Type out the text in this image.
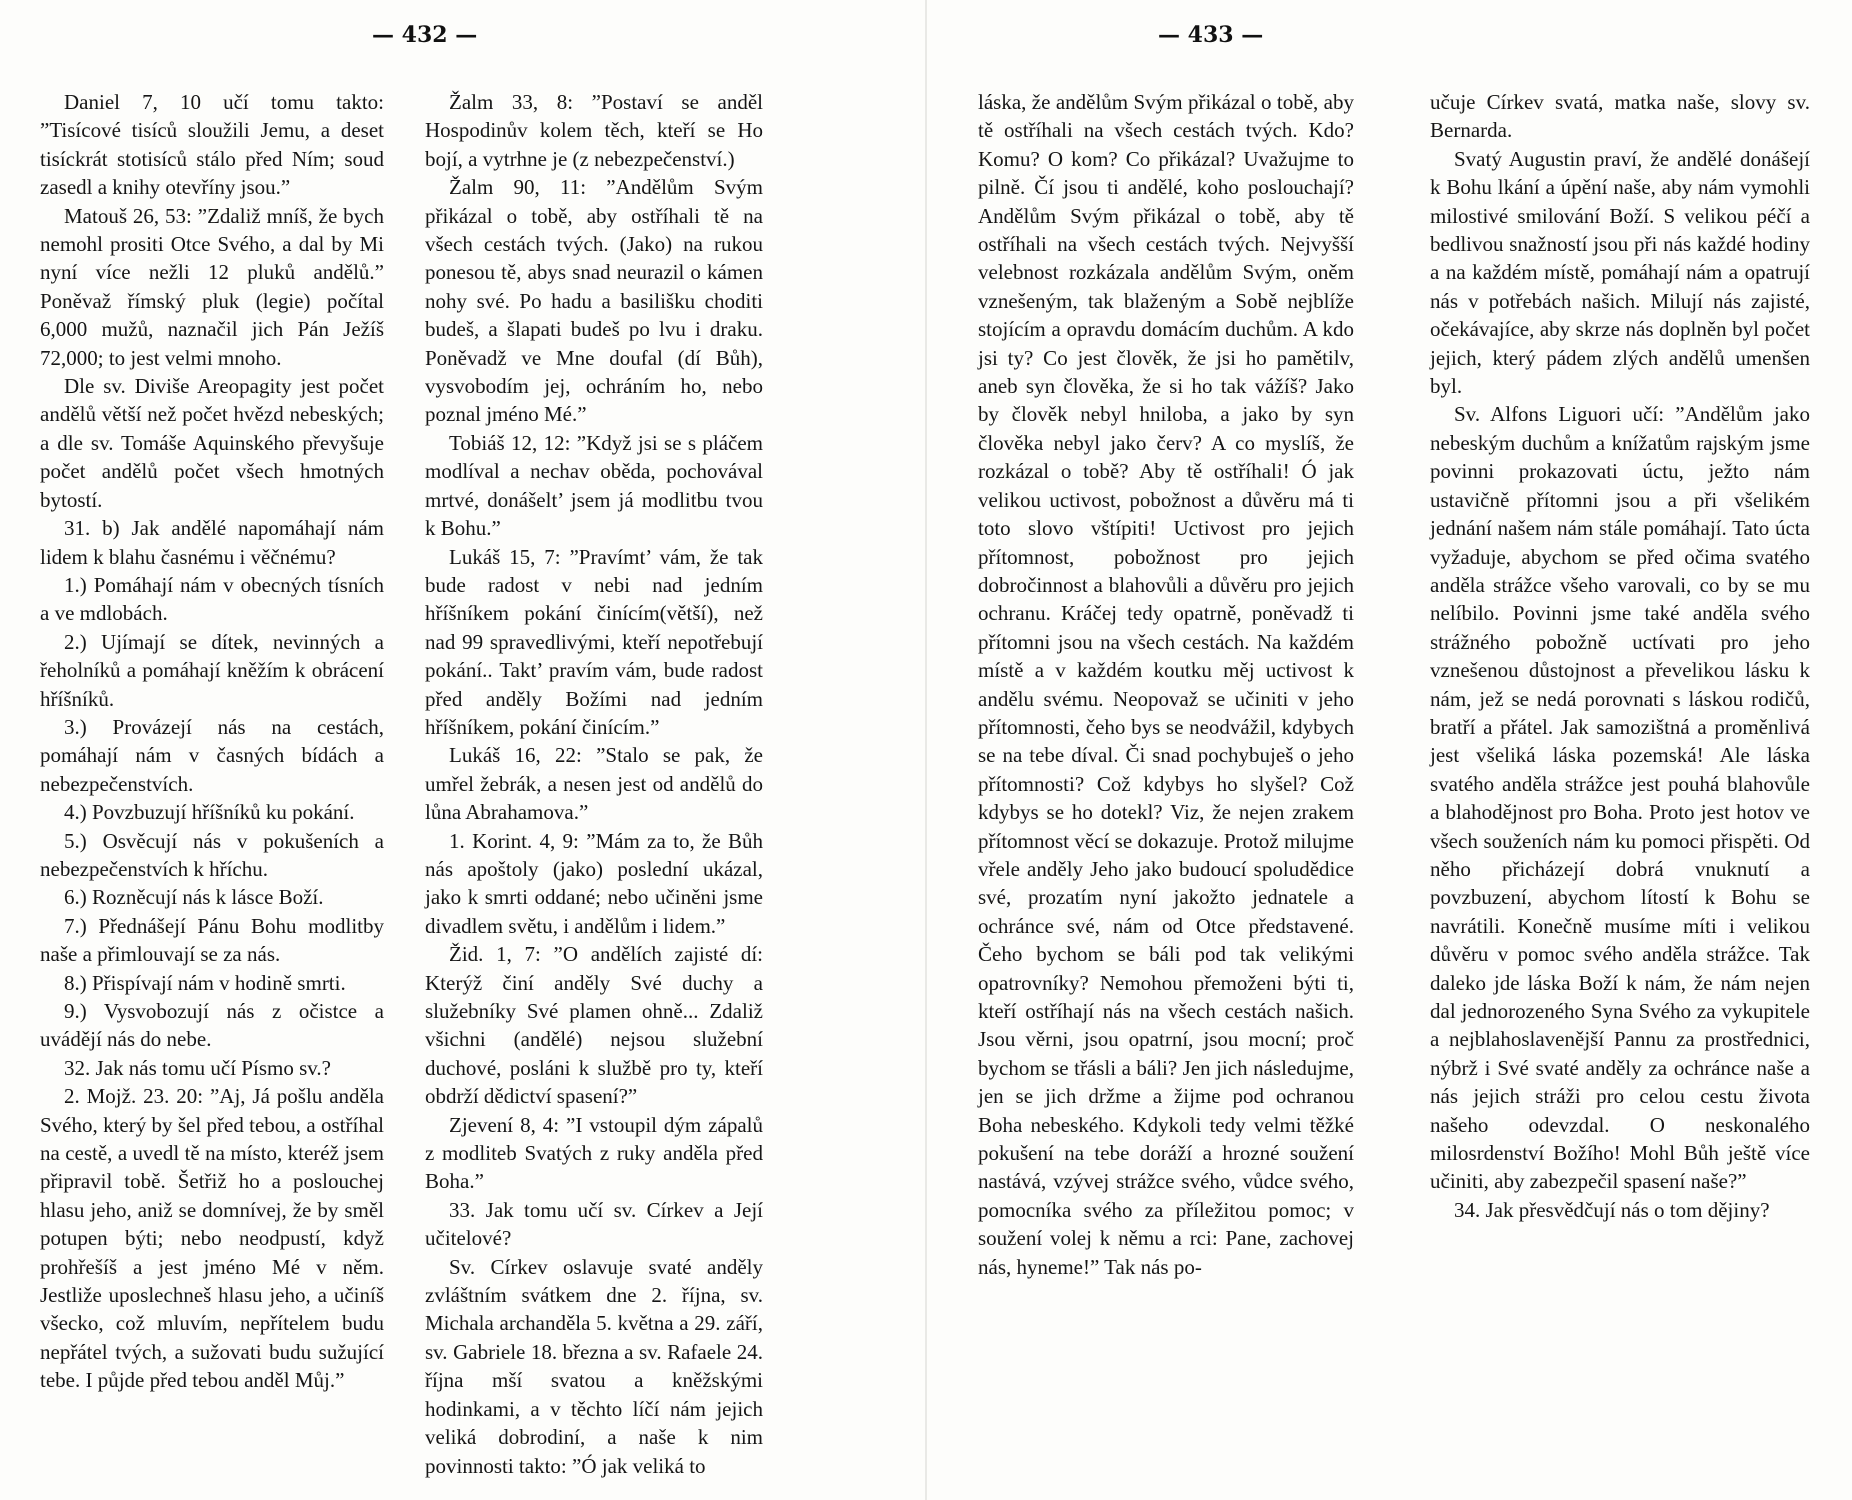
— 432 —	— 433 —

Daniel 7, 10 učí tomu takto: ”Tisícové tisíců sloužili Jemu, a deset tisíckrát stotisíců stálo před Ním; soud zasedl a knihy otevříny jsou.”

Matouš 26, 53: ”Zdaliž mníš, že bych nemohl prositi Otce Svého, a dal by Mi nyní více nežli 12 pluků andělů.” Poněvaž římský pluk (legie) počítal 6,000 mužů, naznačil jich Pán Ježíš 72,000; to jest velmi mnoho.

Dle sv. Diviše Areopagity jest počet andělů větší než počet hvězd nebeských; a dle sv. Tomáše Aquinského převyšuje počet andělů počet všech hmotných bytostí.

31. b) Jak andělé napomáhají nám lidem k blahu časnému i věčnému?

1.) Pomáhají nám v obecných tísních a ve mdlobách.

2.) Ujímají se dítek, nevinných a řeholníků a pomáhají kněžím k obrácení hříšníků.

3.) Provázejí nás na cestách, pomáhají nám v časných bídách a nebezpečenstvích.

4.) Povzbuzují hříšníků ku pokání.

5.) Osvěcují nás v pokušeních a nebezpečenstvích k hříchu.

6.) Rozněcují nás k lásce Boží.

7.) Přednášejí Pánu Bohu modlitby naše a přimlouvají se za nás.

8.) Přispívají nám v hodině smrti.

9.) Vysvobozují nás z očistce a uvádějí nás do nebe.

32. Jak nás tomu učí Písmo sv.?

2. Mojž. 23. 20: ”Aj, Já pošlu anděla Svého, který by šel před tebou, a ostříhal na cestě, a uvedl tě na místo, kteréž jsem připravil tobě. Šetřiž ho a poslouchej hlasu jeho, aniž se domnívej, že by směl potupen býti; nebo neodpustí, když prohřešíš a jest jméno Mé v něm. Jestliže uposlechneš hlasu jeho, a učiníš všecko, což mluvím, nepřítelem budu nepřátel tvých, a sužovati budu sužující tebe. I půjde před tebou anděl Můj.”

Žalm 33, 8: ”Postaví se anděl Hospodinův kolem těch, kteří se Ho bojí, a vytrhne je (z nebezpečenství.)

Žalm 90, 11: ”Andělům Svým přikázal o tobě, aby ostříhali tě na všech cestách tvých. (Jako) na rukou ponesou tě, abys snad neurazil o kámen nohy své. Po hadu a basilišku choditi budeš, a šlapati budeš po lvu i draku. Poněvadž ve Mne doufal (dí Bůh), vysvobodím jej, ochráním ho, nebo poznal jméno Mé.”

Tobiáš 12, 12: ”Když jsi se s pláčem modlíval a nechav oběda, pochovával mrtvé, donášelt’ jsem já modlitbu tvou k Bohu.”

Lukáš 15, 7: ”Pravímt’ vám, že tak bude radost v nebi nad jedním hříšníkem pokání činícím(větší), než nad 99 spravedlivými, kteří nepotřebují pokání.. Takt’ pravím vám, bude radost před anděly Božími nad jedním hříšníkem, pokání činícím.”

Lukáš 16, 22: ”Stalo se pak, že umřel žebrák, a nesen jest od andělů do lůna Abrahamova.”

1. Korint. 4, 9: ”Mám za to, že Bůh nás apoštoly (jako) poslední ukázal, jako k smrti oddané; nebo učiněni jsme divadlem světu, i andělům i lidem.”

Žid. 1, 7: ”O andělích zajisté dí: Kterýž činí anděly Své duchy a služebníky Své plamen ohně... Zdaliž všichni (andělé) nejsou služební duchové, posláni k službě pro ty, kteří obdrží dědictví spasení?”

Zjevení 8, 4: ”I vstoupil dým zápalů z modliteb Svatých z ruky anděla před Boha.”

33. Jak tomu učí sv. Církev a Její učitelové?

Sv. Církev oslavuje svaté anděly zvláštním svátkem dne 2. října, sv. Michala archanděla 5. května a 29. září, sv. Gabriele 18. března a sv. Rafaele 24. října mší svatou a kněžskými hodinkami, a v těchto líčí nám jejich veliká dobrodiní, a naše k nim povinnosti takto: ”Ó jak veliká to

láska, že andělům Svým přikázal o tobě, aby tě ostříhali na všech cestách tvých. Kdo? Komu? O kom? Co přikázal? Uvažujme to pilně. Čí jsou ti andělé, koho poslouchají? Andělům Svým přikázal o tobě, aby tě ostříhali na všech cestách tvých. Nejvyšší velebnost rozkázala andělům Svým, oněm vznešeným, tak blaženým a Sobě nejblíže stojícím a opravdu domácím duchům. A kdo jsi ty? Co jest člověk, že jsi ho pamětilv, aneb syn člověka, že si ho tak vážíš? Jako by člověk nebyl hniloba, a jako by syn člověka nebyl jako červ? A co myslíš, že rozkázal o tobě? Aby tě ostříhali! Ó jak velikou uctivost, pobožnost a důvěru má ti toto slovo vštípiti! Uctivost pro jejich přítomnost, pobožnost pro jejich dobročinnost a blahovůli a důvěru pro jejich ochranu. Kráčej tedy opatrně, poněvadž ti přítomni jsou na všech cestách. Na každém místě a v každém koutku měj uctivost k andělu svému. Neopovaž se učiniti v jeho přítomnosti, čeho bys se neodvážil, kdybych se na tebe díval. Či snad pochybuješ o jeho přítomnosti? Což kdybys ho slyšel? Což kdybys se ho dotekl? Viz, že nejen zrakem přítomnost věcí se dokazuje. Protož milujme vřele anděly Jeho jako budoucí spoludědice své, prozatím nyní jakožto jednatele a ochránce své, nám od Otce představené. Čeho bychom se báli pod tak velikými opatrovníky? Nemohou přemoženi býti ti, kteří ostříhají nás na všech cestách našich. Jsou věrni, jsou opatrní, jsou mocní; proč bychom se třásli a báli? Jen jich následujme, jen se jich držme a žijme pod ochranou Boha nebeského. Kdykoli tedy velmi těžké pokušení na tebe doráží a hrozné soužení nastává, vzývej strážce svého, vůdce svého, pomocníka svého za příležitou pomoc; v soužení volej k němu a rci: Pane, zachovej nás, hyneme!” Tak nás po-

učuje Církev svatá, matka naše, slovy sv. Bernarda.

Svatý Augustin praví, že andělé donášejí k Bohu lkání a úpění naše, aby nám vymohli milostivé smilování Boží. S velikou péčí a bedlivou snažností jsou při nás každé hodiny a na každém místě, pomáhají nám a opatrují nás v potřebách našich. Milují nás zajisté, očekávajíce, aby skrze nás doplněn byl počet jejich, který pádem zlých andělů umenšen byl.

Sv. Alfons Liguori učí: ”Andělům jako nebeským duchům a knížatům rajským jsme povinni prokazovati úctu, ježto nám ustavičně přítomni jsou a při všelikém jednání našem nám stále pomáhají. Tato úcta vyžaduje, abychom se před očima svatého anděla strážce všeho varovali, co by se mu nelíbilo. Povinni jsme také anděla svého strážného pobožně uctívati pro jeho vznešenou důstojnost a převelikou lásku k nám, jež se nedá porovnati s láskou rodičů, bratří a přátel. Jak samozištná a proměnlivá jest všeliká láska pozemská! Ale láska svatého anděla strážce jest pouhá blahovůle a blahodějnost pro Boha. Proto jest hotov ve všech souženích nám ku pomoci přispěti. Od něho přicházejí dobrá vnuknutí a povzbuzení, abychom lítostí k Bohu se navrátili. Konečně musíme míti i velikou důvěru v pomoc svého anděla strážce. Tak daleko jde láska Boží k nám, že nám nejen dal jednorozeného Syna Svého za vykupitele a nejblahoslavenější Pannu za prostřednici, nýbrž i Své svaté anděly za ochránce naše a nás jejich stráži pro celou cestu života našeho odevzdal. O neskonalého milosrdenství Božího! Mohl Bůh ještě více učiniti, aby zabezpečil spasení naše?”

34. Jak přesvědčují nás o tom dějiny?
